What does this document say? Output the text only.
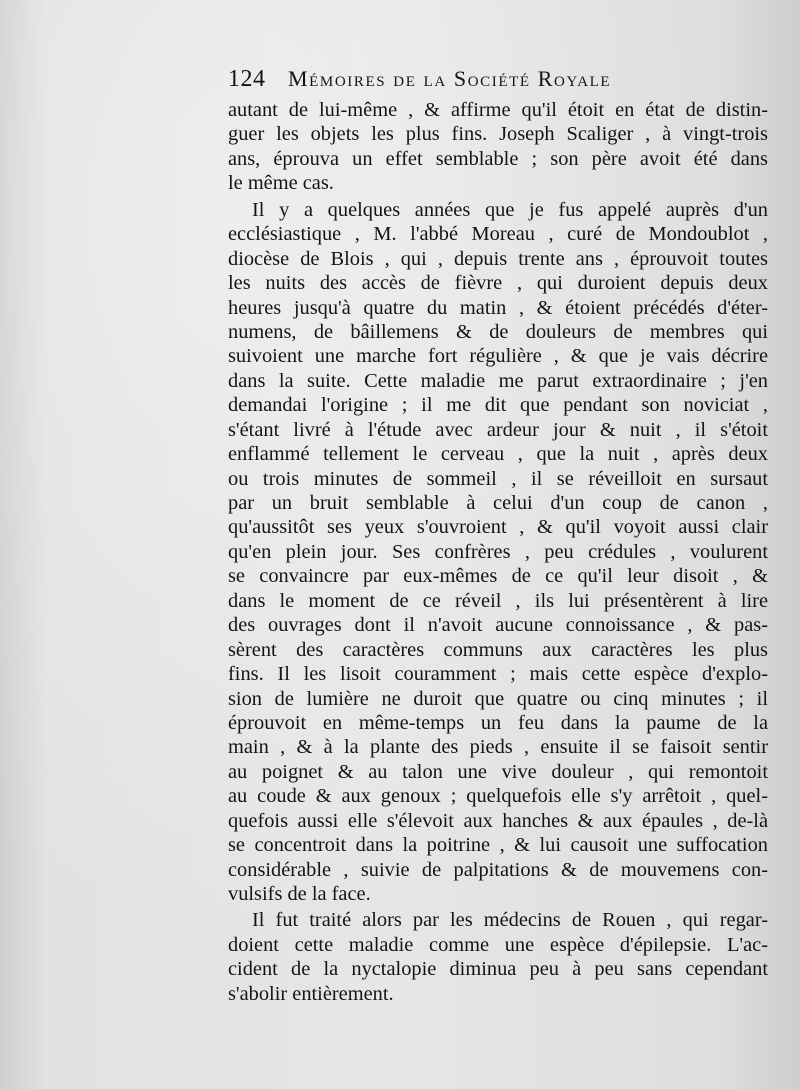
124 Mémoires de la Société Royale
autant de lui-même , & affirme qu'il étoit en état de distin-
guer les objets les plus fins. Joseph Scaliger , à vingt-trois
ans, éprouva un effet semblable ; son père avoit été dans
le même cas.
Il y a quelques années que je fus appelé auprès d'un
ecclésiastique , M. l'abbé Moreau , curé de Mondoublot ,
diocèse de Blois , qui , depuis trente ans , éprouvoit toutes
les nuits des accès de fièvre , qui duroient depuis deux
heures jusqu'à quatre du matin , & étoient précédés d'éter-
numens, de bâillemens & de douleurs de membres qui
suivoient une marche fort régulière , & que je vais décrire
dans la suite. Cette maladie me parut extraordinaire ; j'en
demandai l'origine ; il me dit que pendant son noviciat ,
s'étant livré à l'étude avec ardeur jour & nuit , il s'étoit
enflammé tellement le cerveau , que la nuit , après deux
ou trois minutes de sommeil , il se réveilloit en sursaut
par un bruit semblable à celui d'un coup de canon ,
qu'aussitôt ses yeux s'ouvroient , & qu'il voyoit aussi clair
qu'en plein jour. Ses confrères , peu crédules , voulurent
se convaincre par eux-mêmes de ce qu'il leur disoit , &
dans le moment de ce réveil , ils lui présentèrent à lire
des ouvrages dont il n'avoit aucune connoissance , & pas-
sèrent des caractères communs aux caractères les plus
fins. Il les lisoit couramment ; mais cette espèce d'explo-
sion de lumière ne duroit que quatre ou cinq minutes ; il
éprouvoit en même-temps un feu dans la paume de la
main , & à la plante des pieds , ensuite il se faisoit sentir
au poignet & au talon une vive douleur , qui remontoit
au coude & aux genoux ; quelquefois elle s'y arrêtoit , quel-
quefois aussi elle s'élevoit aux hanches & aux épaules , de-là
se concentroit dans la poitrine , & lui causoit une suffocation
considérable , suivie de palpitations & de mouvemens con-
vulsifs de la face.
Il fut traité alors par les médecins de Rouen , qui regar-
doient cette maladie comme une espèce d'épilepsie. L'ac-
cident de la nyctalopie diminua peu à peu sans cependant
s'abolir entièrement.
